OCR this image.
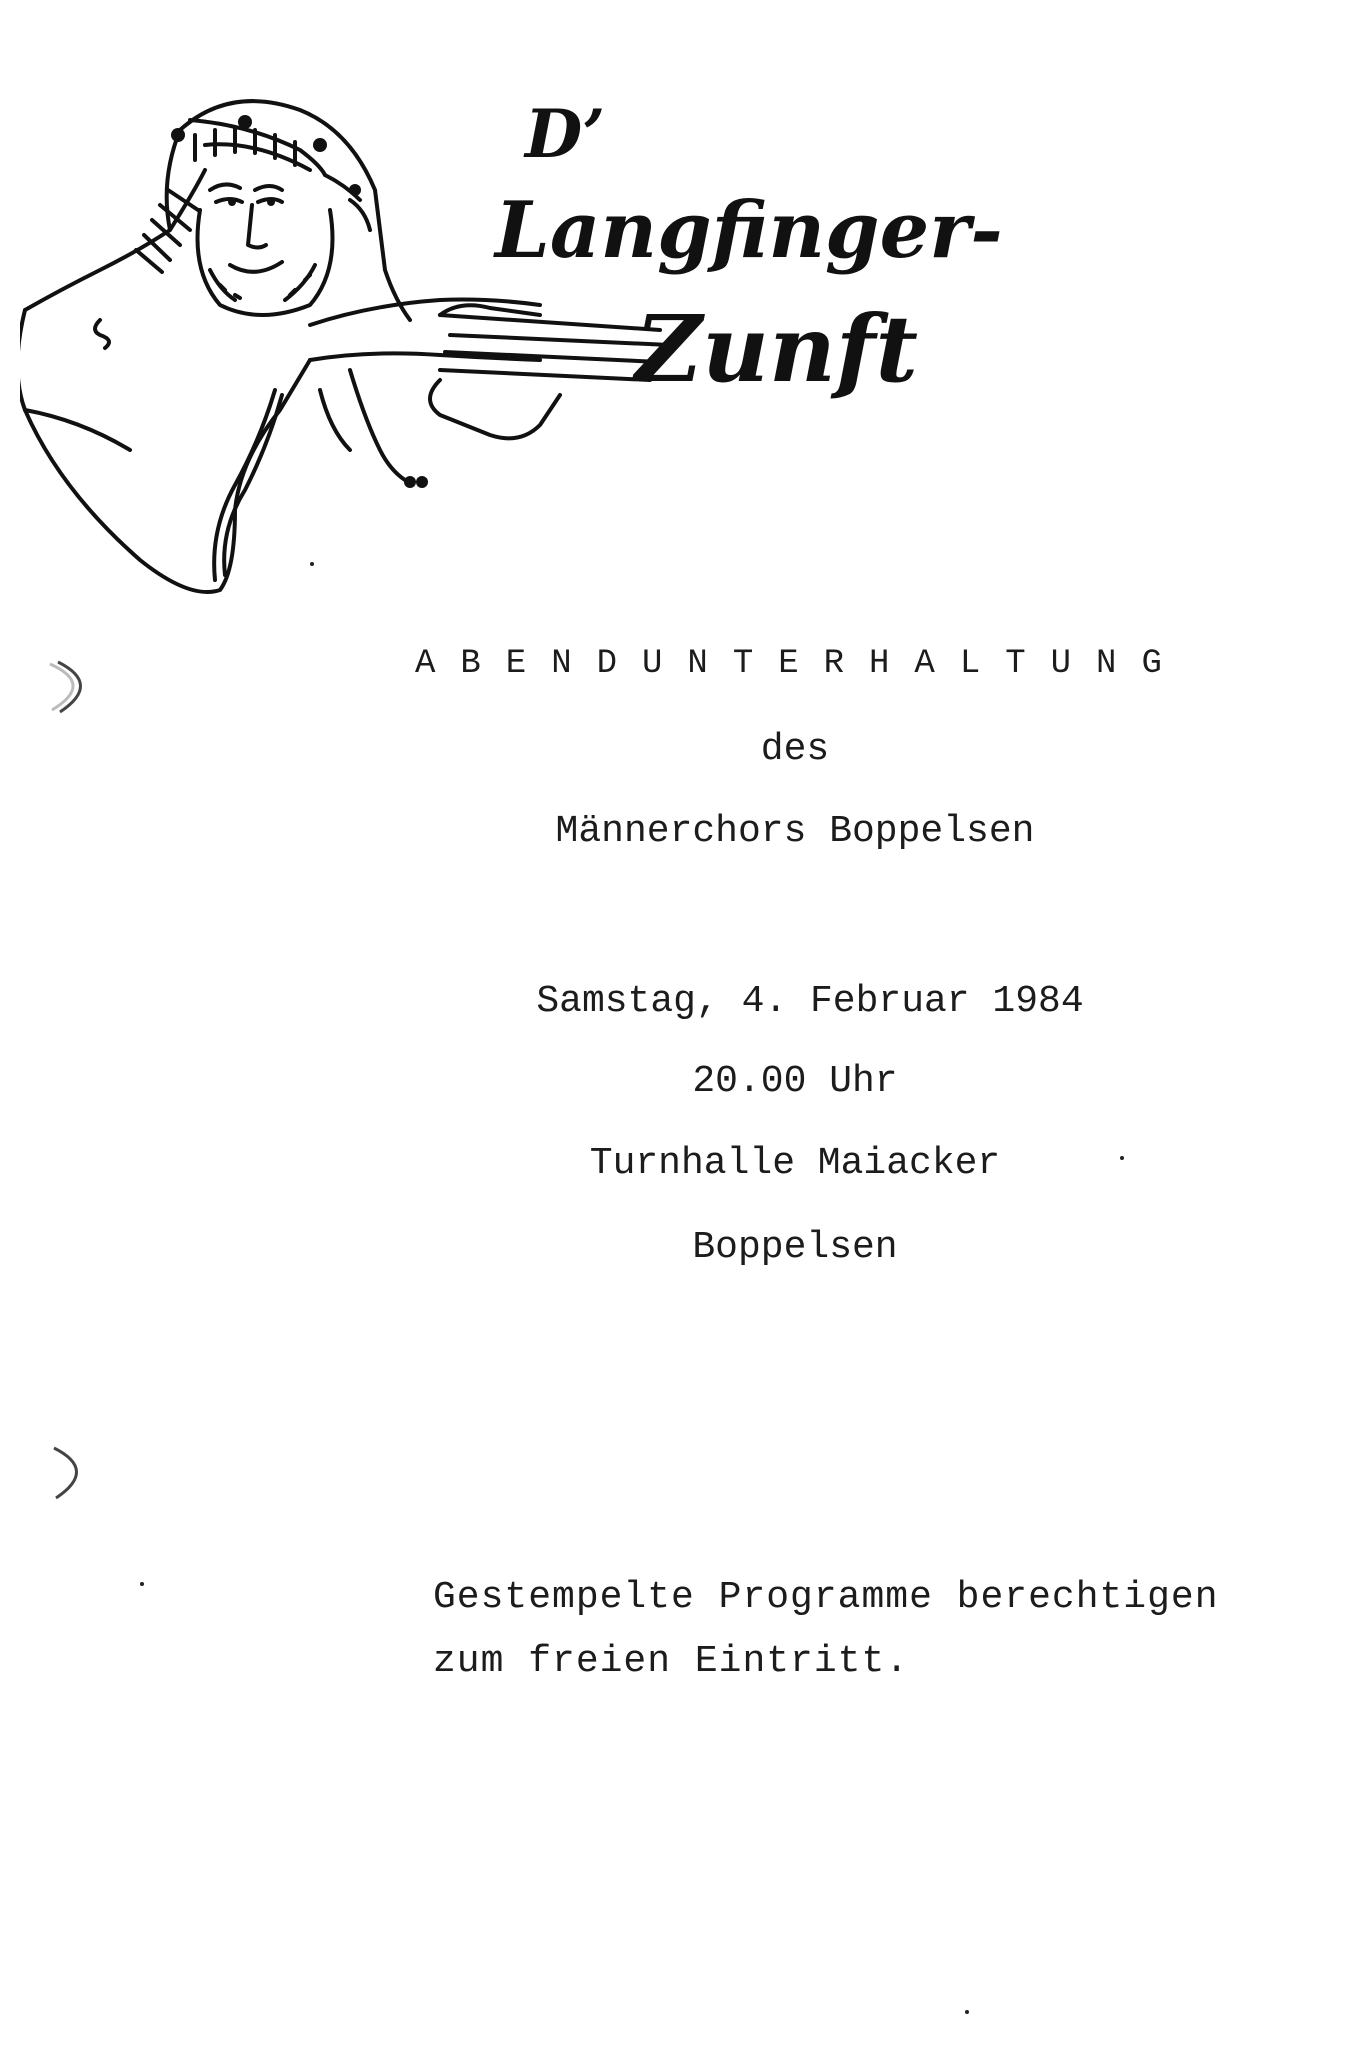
D’
Langfinger-
Zunft
ABENDUNTERHALTUNG
des
Männerchors Boppelsen
Samstag, 4. Februar 1984
20.00 Uhr
Turnhalle Maiacker
Boppelsen
Gestempelte Programme berechtigen
zum freien Eintritt.
